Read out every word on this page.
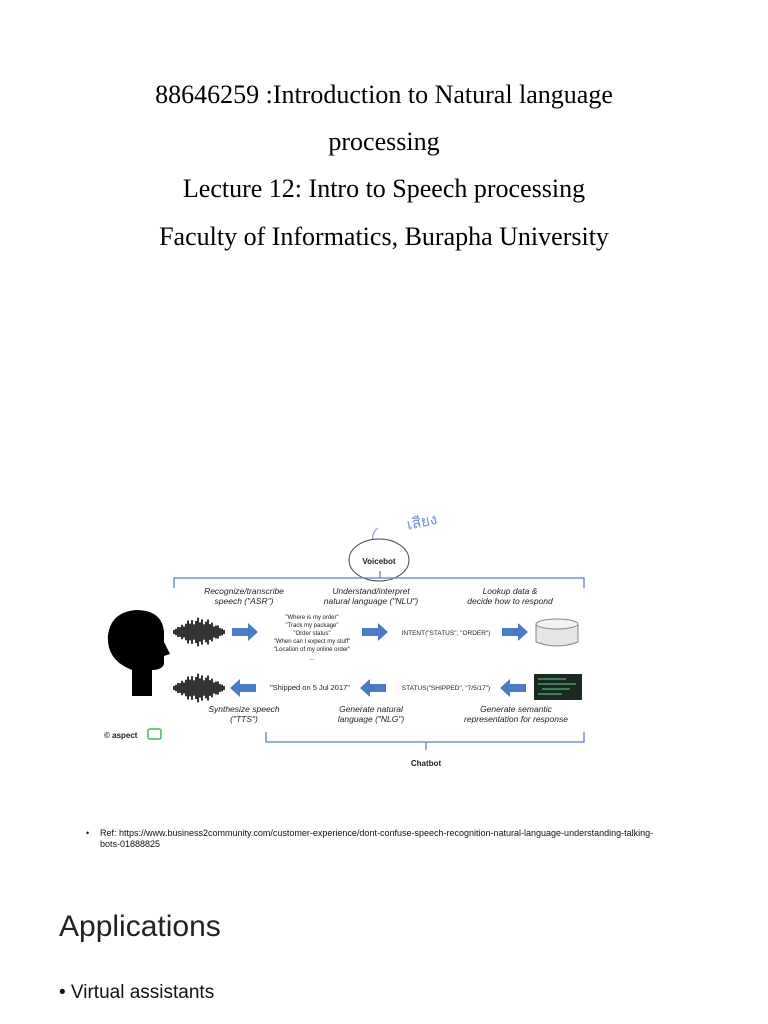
88646259 :Introduction to Natural language
processing
Lecture 12: Intro to Speech processing
Faculty of Informatics, Burapha University
เสียง
Voicebot
Recognize/transcribe
speech ("ASR")
Understand/interpret
natural language ("NLU")
Lookup data &
decide how to respond
"Where is my order"
"Track my package"
"Order status"
"When can I expect my stuff"
"Location of my online order"
...
INTENT("STATUS", "ORDER")
STATUS("SHIPPED", "7/5/17")
"Shipped on 5 Jul 2017"
Synthesize speech
("TTS")
Generate natural
language ("NLG")
Generate semantic
representation for response
© aspect
Chatbot
• Ref: https://www.business2community.com/customer-experience/dont-confuse-speech-recognition-natural-language-understanding-talking-bots-01888825
Applications
• Virtual assistants
